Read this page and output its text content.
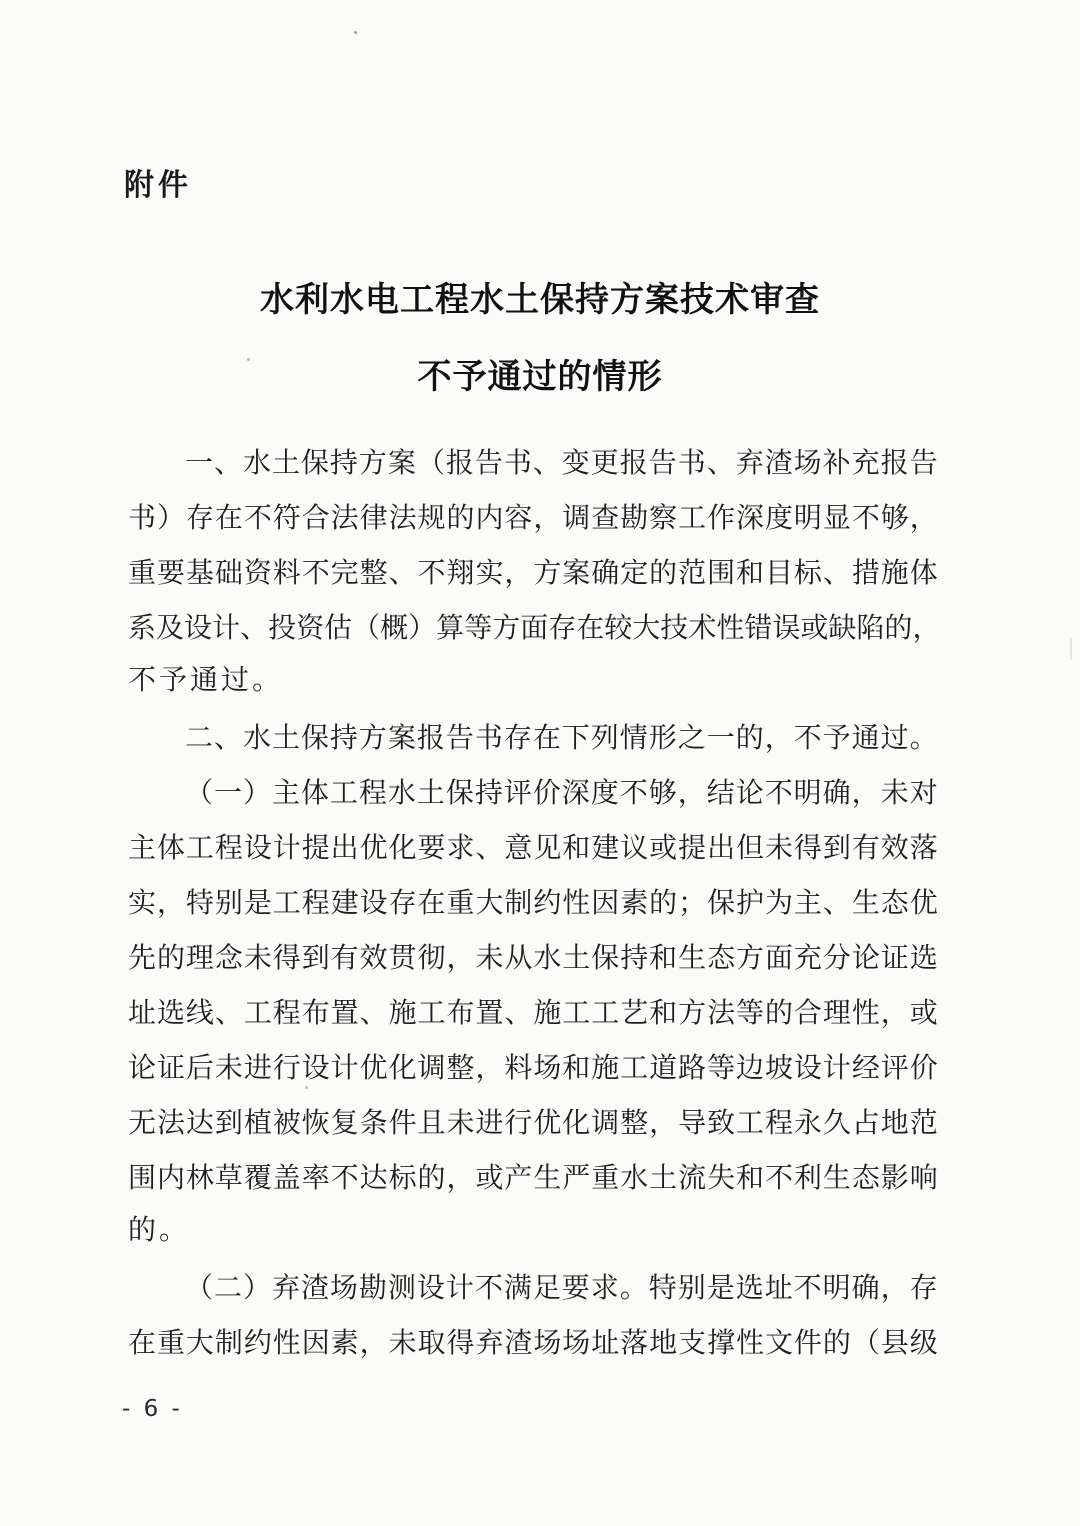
附件
水利水电工程水土保持方案技术审查
不予通过的情形
一 、 水 土 保 持 方 案 （ 报 告 书 、 变 更 报 告 书 、 弃 渣 场 补 充 报 告
书 ） 存 在 不 符 合 法 律 法 规 的 内 容 ， 调 查 勘 察 工 作 深 度 明 显 不 够 ，
重 要 基 础 资 料 不 完 整 、 不 翔 实 ， 方 案 确 定 的 范 围 和 目 标 、 措 施 体
系 及 设 计 、 投 资 估 （ 概 ） 算 等 方 面 存 在 较 大 技 术 性 错 误 或 缺 陷 的 ，
不予通过。
二 、 水 土 保 持 方 案 报 告 书 存 在 下 列 情 形 之 一 的 ， 不 予 通 过 。
（ 一 ） 主 体 工 程 水 土 保 持 评 价 深 度 不 够 ， 结 论 不 明 确 ， 未 对
主 体 工 程 设 计 提 出 优 化 要 求 、 意 见 和 建 议 或 提 出 但 未 得 到 有 效 落
实 ， 特 别 是 工 程 建 设 存 在 重 大 制 约 性 因 素 的 ； 保 护 为 主 、 生 态 优
先 的 理 念 未 得 到 有 效 贯 彻 ， 未 从 水 土 保 持 和 生 态 方 面 充 分 论 证 选
址 选 线 、 工 程 布 置 、 施 工 布 置 、 施 工 工 艺 和 方 法 等 的 合 理 性 ， 或
论 证 后 未 进 行 设 计 优 化 调 整 ， 料 场 和 施 工 道 路 等 边 坡 设 计 经 评 价
无 法 达 到 植 被 恢 复 条 件 且 未 进 行 优 化 调 整 ， 导 致 工 程 永 久 占 地 范
围 内 林 草 覆 盖 率 不 达 标 的 ， 或 产 生 严 重 水 土 流 失 和 不 利 生 态 影 响
的。
（ 二 ） 弃 渣 场 勘 测 设 计 不 满 足 要 求 。 特 别 是 选 址 不 明 确 ， 存
在 重 大 制 约 性 因 素 ， 未 取 得 弃 渣 场 场 址 落 地 支 撑 性 文 件 的 （ 县 级
- 6 -
